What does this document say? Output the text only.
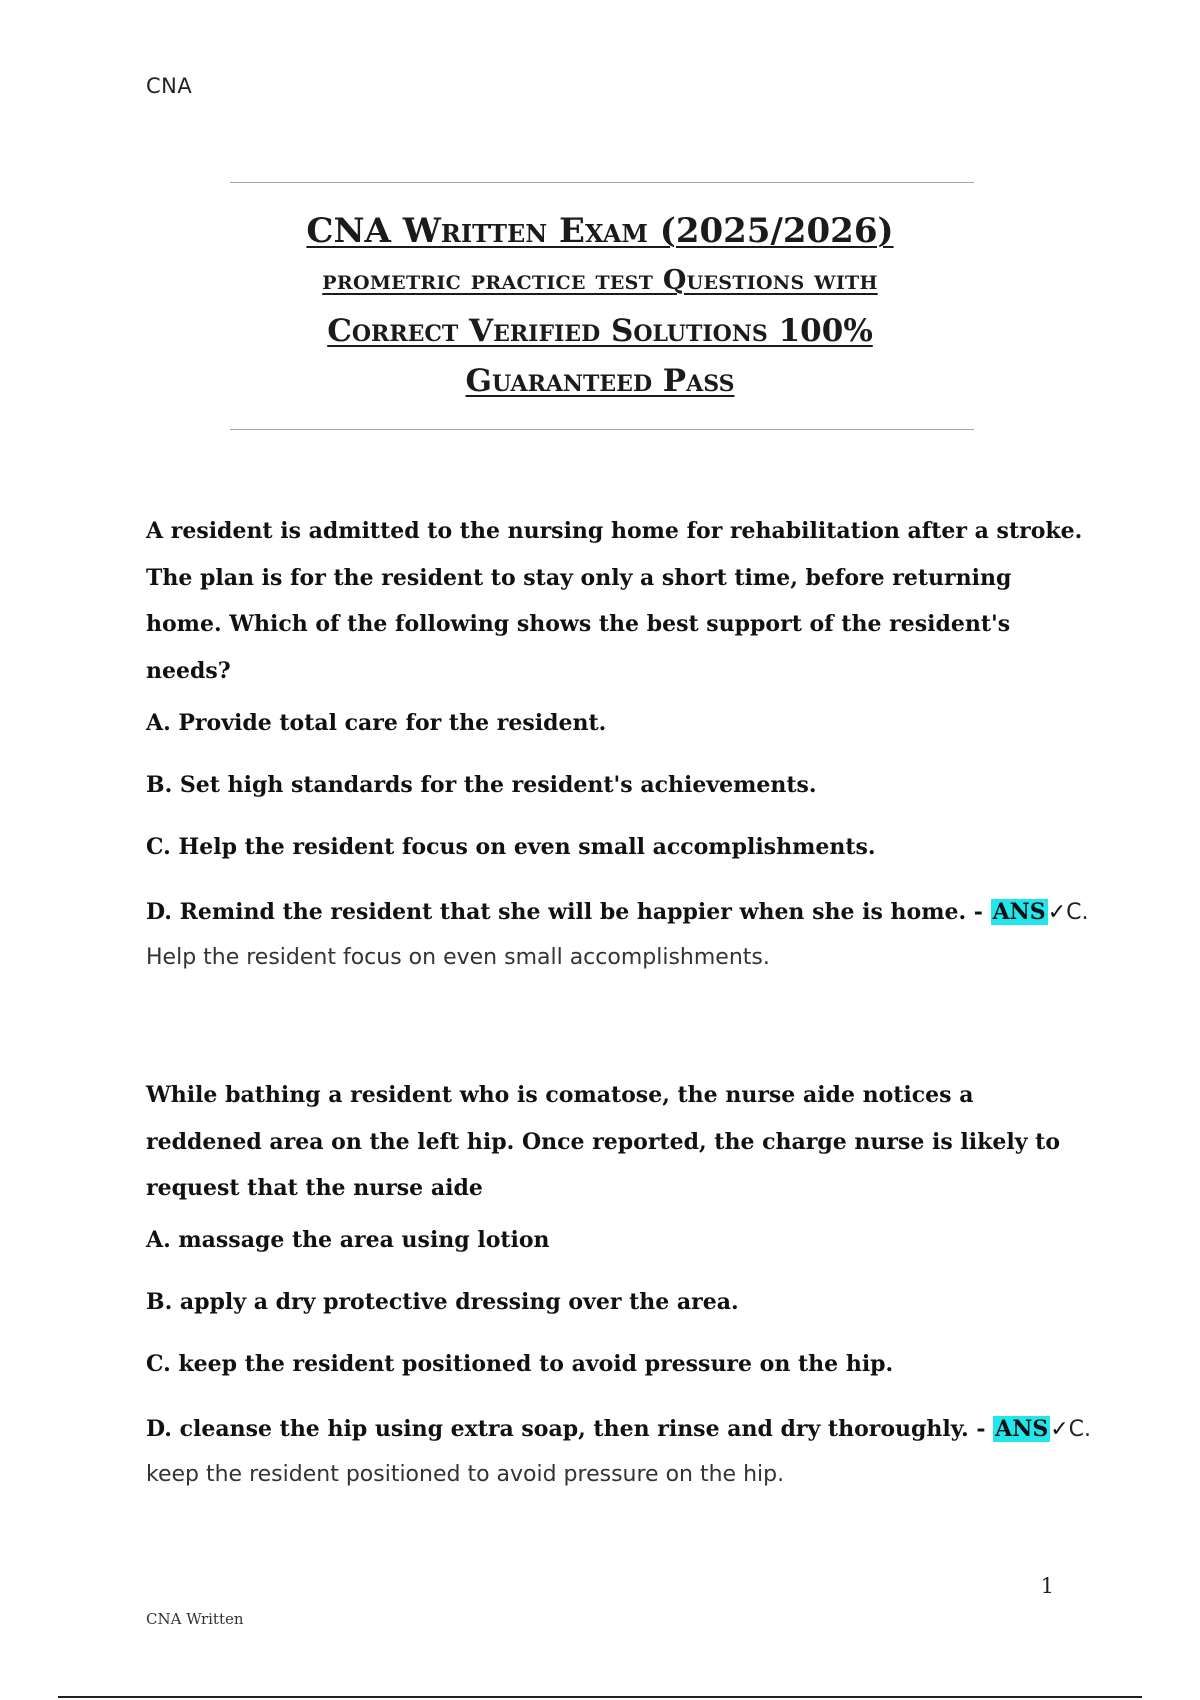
CNA
CNA Written Exam (2025/2026)
prometric practice test Questions with
Correct Verified Solutions 100%
Guaranteed Pass

A resident is admitted to the nursing home for rehabilitation after a stroke. The plan is for the resident to stay only a short time, before returning home. Which of the following shows the best support of the resident's needs?

A. Provide total care for the resident.

B. Set high standards for the resident's achievements.

C. Help the resident focus on even small accomplishments.

D. Remind the resident that she will be happier when she is home. - ANS✓C.

Help the resident focus on even small accomplishments.

While bathing a resident who is comatose, the nurse aide notices a reddened area on the left hip. Once reported, the charge nurse is likely to request that the nurse aide

A. massage the area using lotion

B. apply a dry protective dressing over the area.

C. keep the resident positioned to avoid pressure on the hip.

D. cleanse the hip using extra soap, then rinse and dry thoroughly. - ANS✓C.

keep the resident positioned to avoid pressure on the hip.
1
CNA Written
